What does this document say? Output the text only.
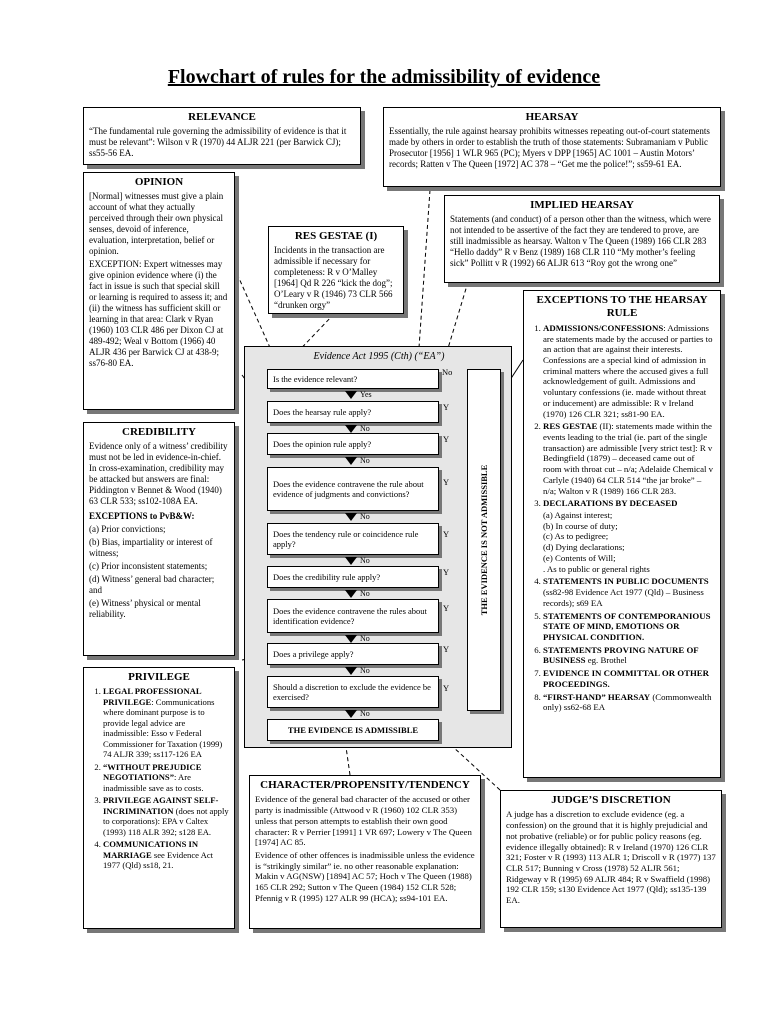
Flowchart of rules for the admissibility of evidence
RELEVANCE

“The fundamental rule governing the admissibility of evidence is that it must be relevant”: Wilson v R (1970) 44 ALJR 221 (per Barwick CJ); ss55-56 EA.

HEARSAY

Essentially, the rule against hearsay prohibits witnesses repeating out-of-court statements made by others in order to establish the truth of those statements: Subramaniam v Public Prosecutor [1956] 1 WLR 965 (PC); Myers v DPP [1965] AC 1001 – Austin Motors’ records; Ratten v The Queen [1972] AC 378 – “Get me the police!”; ss59-61 EA.

OPINION

[Normal] witnesses must give a plain account of what they actually perceived through their own physical senses, devoid of inference, evaluation, interpretation, belief or opinion.

EXCEPTION: Expert witnesses may give opinion evidence where (i) the fact in issue is such that special skill or learning is required to assess it; and (ii) the witness has sufficient skill or learning in that area: Clark v Ryan (1960) 103 CLR 486 per Dixon CJ at 489-492; Weal v Bottom (1966) 40 ALJR 436 per Barwick CJ at 438-9; ss76-80 EA.

RES GESTAE (I)

Incidents in the transaction are admissible if necessary for completeness: R v O’Malley [1964] Qd R 226 “kick the dog”; O’Leary v R (1946) 73 CLR 566 “drunken orgy”

IMPLIED HEARSAY

Statements (and conduct) of a person other than the witness, which were not intended to be assertive of the fact they are tendered to prove, are still inadmissible as hearsay. Walton v The Queen (1989) 166 CLR 283 “Hello daddy” R v Benz (1989) 168 CLR 110 “My mother’s feeling sick” Pollitt v R (1992) 66 ALJR 613 “Roy got the wrong one”

EXCEPTIONS TO THE HEARSAY RULE
1. ADMISSIONS/CONFESSIONS: Admissions are statements made by the accused or parties to an action that are against their interests. Confessions are a special kind of admission in criminal matters where the accused gives a full acknowledgement of guilt. Admissions and voluntary confessions (ie. made without threat or inducement) are admissible: R v Ireland (1970) 126 CLR 321; ss81-90 EA.
2. RES GESTAE (II): statements made within the events leading to the trial (ie. part of the single transaction) are admissible [very strict test]: R v Bedingfield (1879) – deceased came out of room with throat cut – n/a; Adelaide Chemical v Carlyle (1940) 64 CLR 514 “the jar broke” – n/a; Walton v R (1989) 166 CLR 283.
3. DECLARATIONS BY DECEASED
(a) Against interest;
(b) In course of duty;
(c) As to pedigree;
(d) Dying declarations;
(e) Contents of Will;
. As to public or general rights
4. STATEMENTS IN PUBLIC DOCUMENTS (ss82-98 Evidence Act 1977 (Qld) – Business records); s69 EA
5. STATEMENTS OF CONTEMPORANIOUS STATE OF MIND, EMOTIONS OR PHYSICAL CONDITION.
6. STATEMENTS PROVING NATURE OF BUSINESS eg. Brothel
7. EVIDENCE IN COMMITTAL OR OTHER PROCEEDINGS.
8. “FIRST-HAND” HEARSAY (Commonwealth only) ss62-68 EA
CREDIBILITY

Evidence only of a witness’ credibility must not be led in evidence-in-chief. In cross-examination, credibility may be attacked but answers are final: Piddington v Bennet & Wood (1940) 63 CLR 533; ss102-108A EA.

EXCEPTIONS to PvB&W:

(a) Prior convictions;

(b) Bias, impartiality or interest of witness;

(c) Prior inconsistent statements;

(d) Witness’ general bad character; and

(e) Witness’ physical or mental reliability.

PRIVILEGE
1. LEGAL PROFESSIONAL PRIVILEGE: Communications where dominant purpose is to provide legal advice are inadmissible: Esso v Federal Commissioner for Taxation (1999) 74 ALJR 339; ss117-126 EA
2. “WITHOUT PREJUDICE NEGOTIATIONS”: Are inadmissible save as to costs.
3. PRIVILEGE AGAINST SELF-INCRIMINATION (does not apply to corporations): EPA v Caltex (1993) 118 ALR 392; s128 EA.
4. COMMUNICATIONS IN MARRIAGE see Evidence Act 1977 (Qld) ss18, 21.
CHARACTER/PROPENSITY/TENDENCY

Evidence of the general bad character of the accused or other party is inadmissible (Attwood v R (1960) 102 CLR 353) unless that person attempts to establish their own good character: R v Perrier [1991] 1 VR 697; Lowery v The Queen [1974] AC 85.

Evidence of other offences is inadmissible unless the evidence is “strikingly similar” ie. no other reasonable explanation: Makin v AG(NSW) [1894] AC 57; Hoch v The Queen (1988) 165 CLR 292; Sutton v The Queen (1984) 152 CLR 528; Pfennig v R (1995) 127 ALR 99 (HCA); ss94-101 EA.

JUDGE’S DISCRETION

A judge has a discretion to exclude evidence (eg. a confession) on the ground that it is highly prejudicial and not probative (reliable) or for public policy reasons (eg. evidence illegally obtained): R v Ireland (1970) 126 CLR 321; Foster v R (1993) 113 ALR 1; Driscoll v R (1977) 137 CLR 517; Bunning v Cross (1978) 52 ALJR 561; Ridgeway v R (1995) 69 ALJR 484; R v Swaffield (1998) 192 CLR 159; s130 Evidence Act 1977 (Qld); ss135-139 EA.

Evidence Act 1995 (Cth) (“EA”)
Is the evidence relevant?
No
Yes
Does the hearsay rule apply?	Y
No
Does the opinion rule apply?	Y
No
Does the evidence contravene the rule about evidence of judgments and convictions?
Y
No
Does the tendency rule or coincidence rule apply?
Y
No
Does the credibility rule apply?	Y
No
Does the evidence contravene the rules about identification evidence?
Y
No
Does a privilege apply?	Y
No
Should a discretion to exclude the evidence be exercised?
Y
No
THE EVIDENCE IS ADMISSIBLE
THE EVIDENCE IS NOT ADMISSIBLE
